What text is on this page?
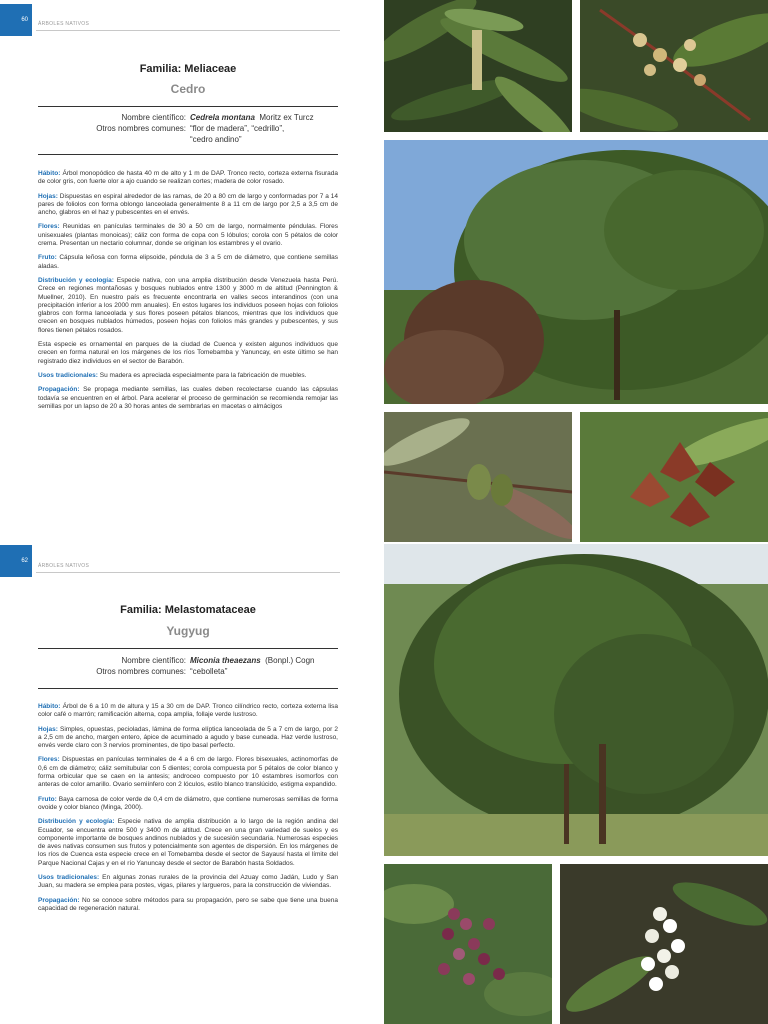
60
ÁRBOLES NATIVOS
Familia: Meliaceae
Cedro
Nombre científico: Cedrela montana Moritz ex Turcz
Otros nombres comunes: “flor de madera”, “cedrillo”,
“cedro andino”

Hábito: Árbol monopódico de hasta 40 m de alto y 1 m de DAP. Tronco recto, corteza externa fisurada de color gris, con fuerte olor a ajo cuando se realizan cortes; madera de color rosado.

Hojas: Dispuestas en espiral alrededor de las ramas, de 20 a 80 cm de largo y conformadas por 7 a 14 pares de foliolos con forma oblongo lanceolada generalmente 8 a 11 cm de largo por 2,5 a 3,5 cm de ancho, glabros en el haz y pubescentes en el envés.

Flores: Reunidas en panículas terminales de 30 a 50 cm de largo, normalmente péndulas. Flores unisexuales (plantas monoicas); cáliz con forma de copa con 5 lóbulos; corola con 5 pétalos de color crema. Presentan un nectario columnar, donde se originan los estambres y el ovario.

Fruto: Cápsula leñosa con forma elipsoide, péndula de 3 a 5 cm de diámetro, que contiene semillas aladas.

Distribución y ecología: Especie nativa, con una amplia distribución desde Venezuela hasta Perú. Crece en regiones montañosas y bosques nublados entre 1300 y 3000 m de altitud (Pennington & Muellner, 2010). En nuestro país es frecuente encontrarla en valles secos interandinos (con una precipitación inferior a los 2000 mm anuales). En estos lugares los individuos poseen hojas con foliolos glabros con forma lanceolada y sus flores poseen pétalos blancos, mientras que los individuos que crecen en bosques nublados húmedos, poseen hojas con foliolos más grandes y pubescentes, y sus flores tienen pétalos rosados.

Esta especie es ornamental en parques de la ciudad de Cuenca y existen algunos individuos que crecen en forma natural en los márgenes de los ríos Tomebamba y Yanuncay, en este último se han registrado diez individuos en el sector de Barabón.

Usos tradicionales: Su madera es apreciada especialmente para la fabricación de muebles.

Propagación: Se propaga mediante semillas, las cuales deben recolectarse cuando las cápsulas todavía se encuentren en el árbol. Para acelerar el proceso de germinación se recomienda remojar las semillas por un lapso de 20 a 30 horas antes de sembrarlas en macetas o almácigos

62
ÁRBOLES NATIVOS
Familia: Melastomataceae
Yugyug
Nombre científico: Miconia theaezans (Bonpl.) Cogn
Otros nombres comunes: “cebolleta”

Hábito: Árbol de 6 a 10 m de altura y 15 a 30 cm de DAP. Tronco cilíndrico recto, corteza externa lisa color café o marrón; ramificación alterna, copa amplia, follaje verde lustroso.

Hojas: Simples, opuestas, pecioladas, lámina de forma elíptica lanceolada de 5 a 7 cm de largo, por 2 a 2,5 cm de ancho, margen entero, ápice de acuminado a agudo y base cuneada. Haz verde lustroso, envés verde claro con 3 nervios prominentes, de tipo basal perfecto.

Flores: Dispuestas en panículas terminales de 4 a 6 cm de largo. Flores bisexuales, actinomorfas de 0,6 cm de diámetro; cáliz semitubular con 5 dientes; corola compuesta por 5 pétalos de color blanco y forma orbicular que se caen en la antesis; androceo compuesto por 10 estambres isomorfos con anteras de color amarillo. Ovario semiínfero con 2 lóculos, estilo blanco translúcido, estigma expandido.

Fruto: Baya carnosa de color verde de 0,4 cm de diámetro, que contiene numerosas semillas de forma ovoide y color blanco (Minga, 2000).

Distribución y ecología: Especie nativa de amplia distribución a lo largo de la región andina del Ecuador, se encuentra entre 500 y 3400 m de altitud. Crece en una gran variedad de suelos y es componente importante de bosques andinos nublados y de sucesión secundaria. Numerosas especies de aves nativas consumen sus frutos y potencialmente son agentes de dispersión. En los márgenes de los ríos de Cuenca esta especie crece en el Tomebamba desde el sector de Sayausí hasta el límite del Parque Nacional Cajas y en el río Yanuncay desde el sector de Barabón hasta Soldados.

Usos tradicionales: En algunas zonas rurales de la provincia del Azuay como Jadán, Ludo y San Juan, su madera se emplea para postes, vigas, pilares y largueros, para la construcción de viviendas.

Propagación: No se conoce sobre métodos para su propagación, pero se sabe que tiene una buena capacidad de regeneración natural.
